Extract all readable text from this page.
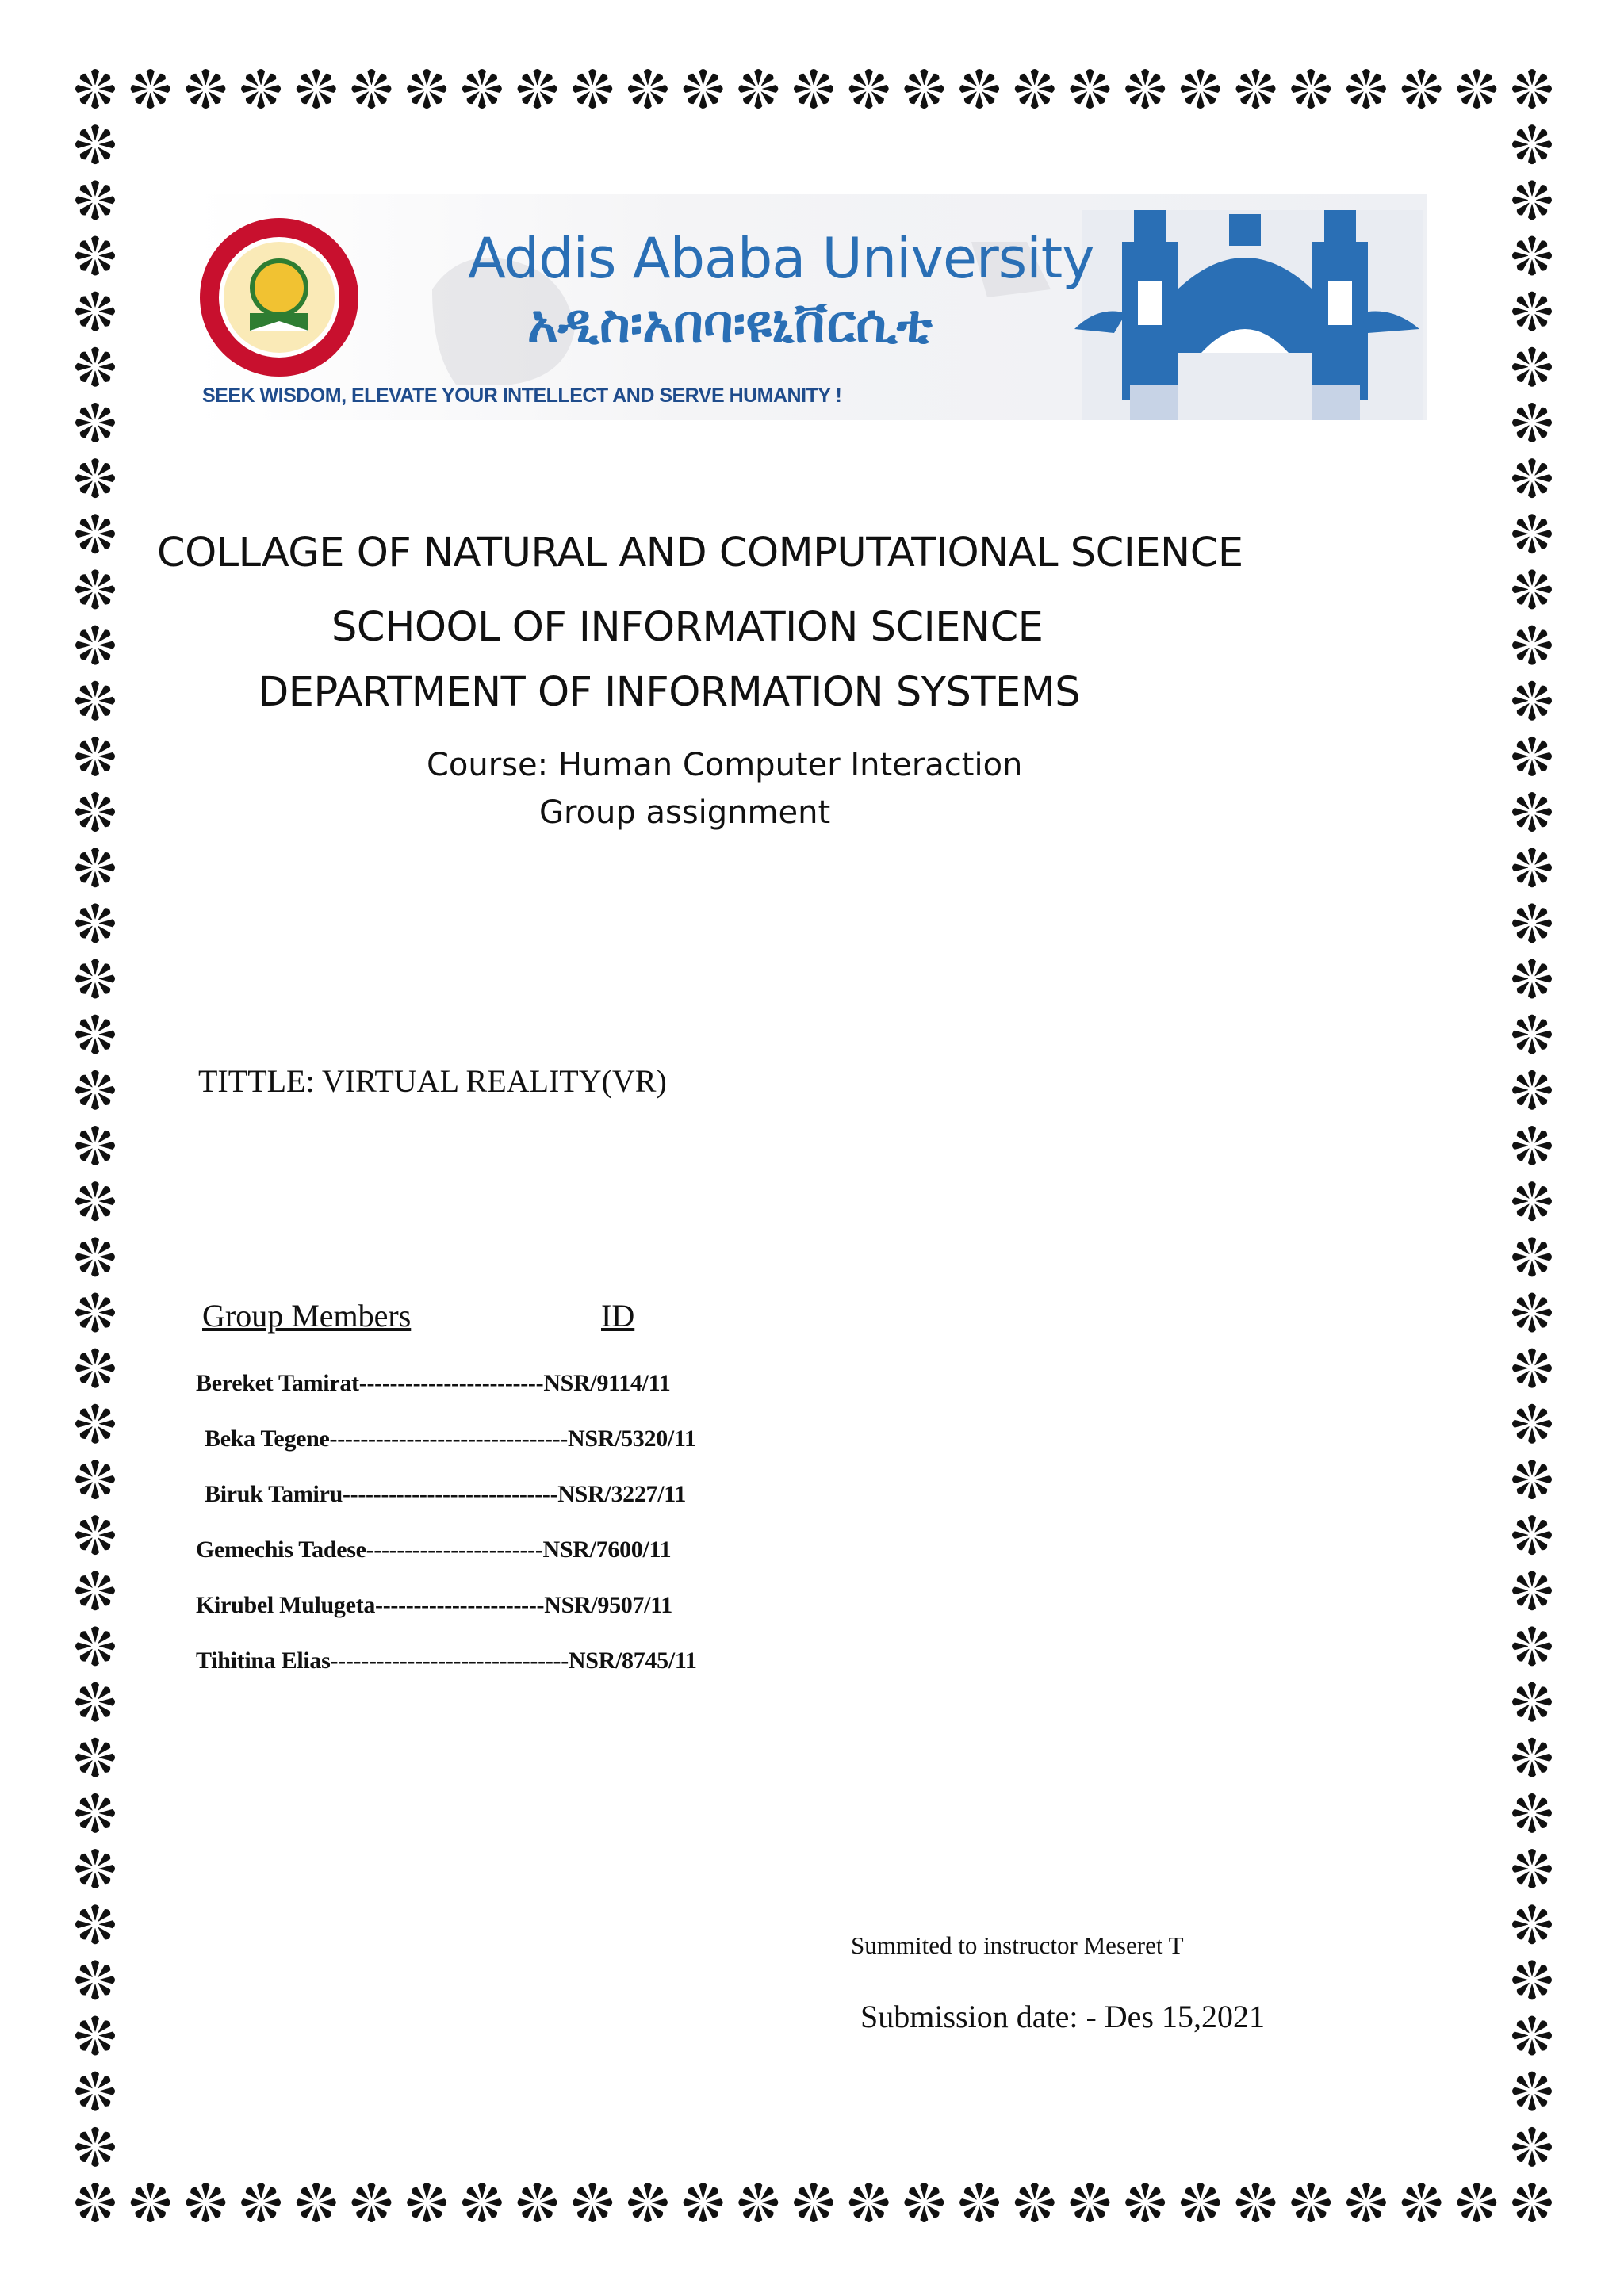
Addis Ababa University
አዲስ፡አበባ፡ዩኒቨርሲቲ
SEEK WISDOM, ELEVATE YOUR INTELLECT AND SERVE HUMANITY !
COLLAGE OF NATURAL AND COMPUTATIONAL SCIENCE
SCHOOL OF INFORMATION SCIENCE
DEPARTMENT OF INFORMATION SYSTEMS
Course: Human Computer Interaction
Group assignment
TITTLE: VIRTUAL REALITY(VR)
Group Members	ID
Bereket Tamirat------------------------NSR/9114/11
Beka Tegene-------------------------------NSR/5320/11
Biruk Tamiru----------------------------NSR/3227/11
Gemechis Tadese-----------------------NSR/7600/11
Kirubel Mulugeta----------------------NSR/9507/11
Tihitina Elias-------------------------------NSR/8745/11
Summited to instructor Meseret T
Submission date: - Des 15,2021
